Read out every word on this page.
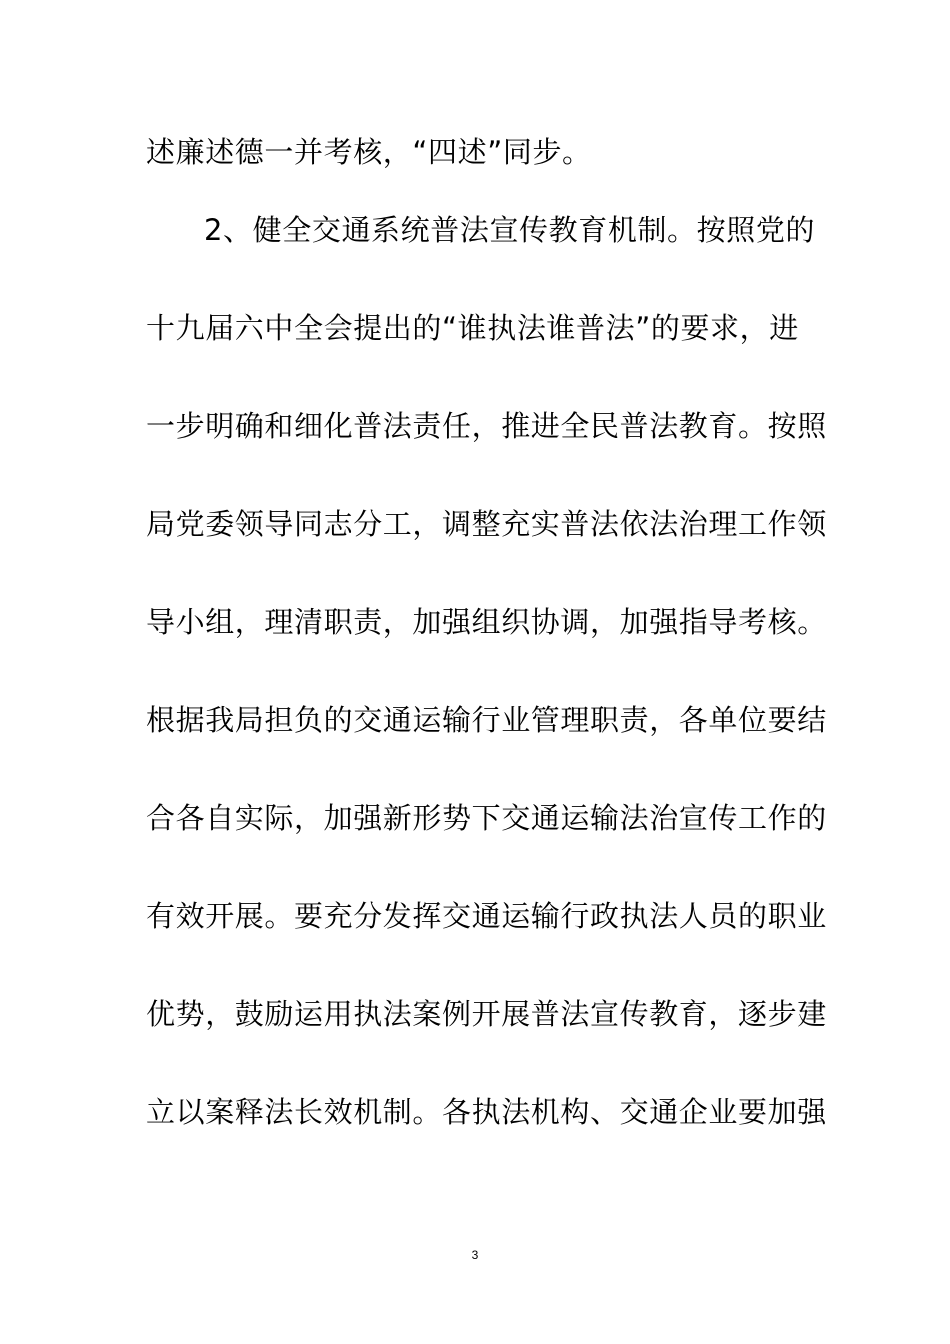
述廉述德一并考核，“四述”同步。
2、健全交通系统普法宣传教育机制。按照党的
十九届六中全会提出的“谁执法谁普法”的要求，进
一步明确和细化普法责任，推进全民普法教育。按照
局党委领导同志分工，调整充实普法依法治理工作领
导小组，理清职责，加强组织协调，加强指导考核。
根据我局担负的交通运输行业管理职责，各单位要结
合各自实际，加强新形势下交通运输法治宣传工作的
有效开展。要充分发挥交通运输行政执法人员的职业
优势，鼓励运用执法案例开展普法宣传教育，逐步建
立以案释法长效机制。各执法机构、交通企业要加强
3
